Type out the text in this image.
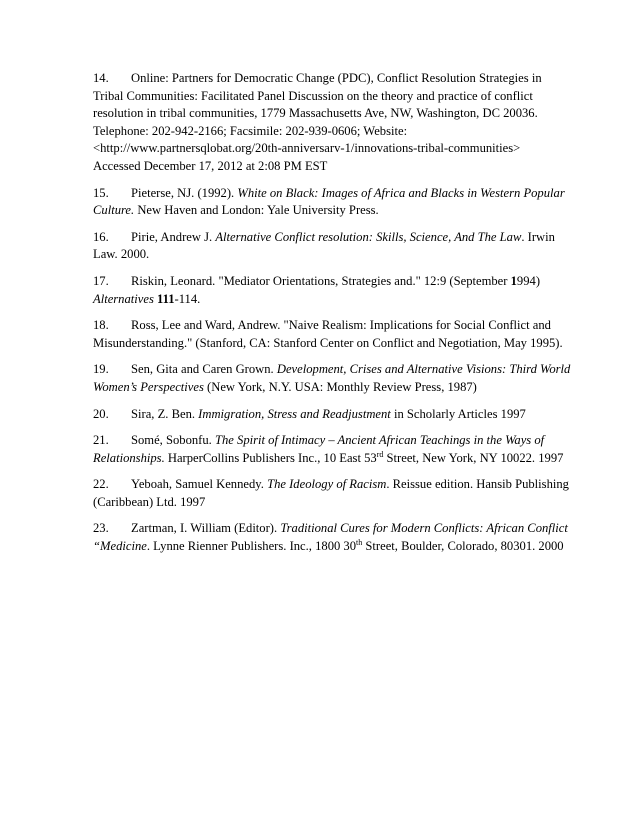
14. Online: Partners for Democratic Change (PDC), Conflict Resolution Strategies in
Tribal Communities: Facilitated Panel Discussion on the theory and practice of conflict
resolution in tribal communities, 1779 Massachusetts Ave, NW, Washington, DC 20036.
Telephone: 202-942-2166; Facsimile: 202-939-0606; Website:
<http://www.partnersqlobat.org/20th-anniversarv-1/innovations-tribal-communities>
Accessed December 17, 2012 at 2:08 PM EST

15. Pieterse, NJ. (1992). White on Black: Images of Africa and Blacks in Western Popular Culture. New Haven and London: Yale University Press.

16. Pirie, Andrew J. Alternative Conflict resolution: Skills, Science, And The Law. Irwin Law. 2000.

17. Riskin, Leonard. "Mediator Orientations, Strategies and." 12:9 (September 1994)
Alternatives 111-114.

18. Ross, Lee and Ward, Andrew. "Naive Realism: Implications for Social Conflict and Misunderstanding." (Stanford, CA: Stanford Center on Conflict and Negotiation, May 1995).

19. Sen, Gita and Caren Grown. Development, Crises and Alternative Visions: Third World Women’s Perspectives (New York, N.Y. USA: Monthly Review Press, 1987)

20. Sira, Z. Ben. Immigration, Stress and Readjustment in Scholarly Articles 1997

21. Somé, Sobonfu. The Spirit of Intimacy – Ancient African Teachings in the Ways of Relationships. HarperCollins Publishers Inc., 10 East 53rd Street, New York, NY 10022. 1997

22. Yeboah, Samuel Kennedy. The Ideology of Racism. Reissue edition. Hansib Publishing (Caribbean) Ltd. 1997

23. Zartman, I. William (Editor). Traditional Cures for Modern Conflicts: African Conflict “Medicine. Lynne Rienner Publishers. Inc., 1800 30th Street, Boulder, Colorado, 80301. 2000
